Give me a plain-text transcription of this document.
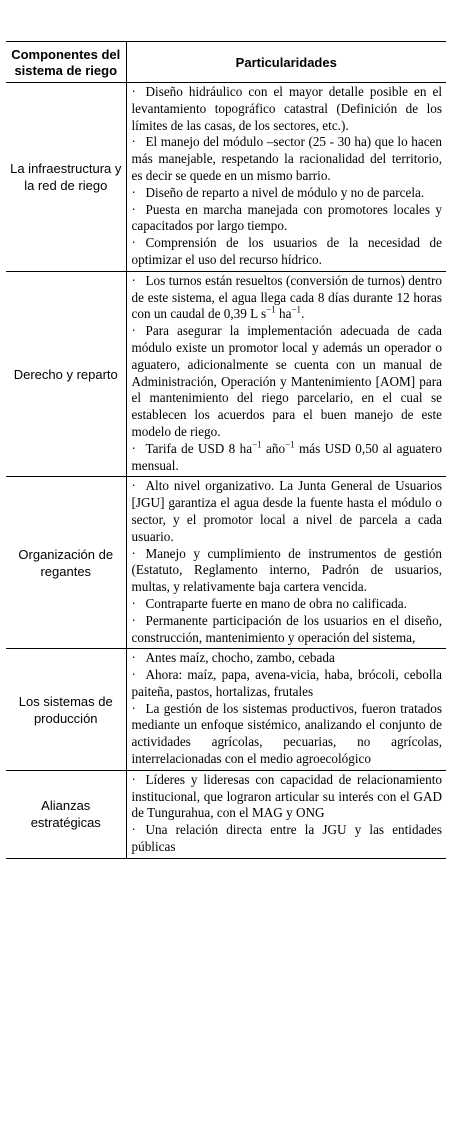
Componentes del sistema de riego	Particularidades
La infraestructura y la red de riego	· Diseño hidráulico con el mayor detalle posible en el levantamiento topográfico catastral (Definición de los límites de las casas, de los sectores, etc.).

· El manejo del módulo –sector (25 - 30 ha) que lo hacen más manejable, respetando la racionalidad del territorio, es decir se quede en un mismo barrio.

· Diseño de reparto a nivel de módulo y no de parcela.

· Puesta en marcha manejada con promotores locales y capacitados por largo tiempo.

· Comprensión de los usuarios de la necesidad de optimizar el uso del recurso hídrico.

Derecho y reparto	· Los turnos están resueltos (conversión de turnos) dentro de este sistema, el agua llega cada 8 días durante 12 horas con un caudal de 0,39 L $s^{-1}$ $ha^{-1}$.

· Para asegurar la implementación adecuada de cada módulo existe un promotor local y además un operador o aguatero, adicionalmente se cuenta con un manual de Administración, Operación y Mantenimiento [AOM] para el mantenimiento del riego parcelario, en el cual se establecen los acuerdos para el buen manejo de este modelo de riego.

· Tarifa de USD 8 $ha^{-1}$ año$^{-1}$ más USD 0,50 al aguatero mensual.

Organización de regantes	· Alto nivel organizativo. La Junta General de Usuarios [JGU] garantiza el agua desde la fuente hasta el módulo o sector, y el promotor local a nivel de parcela a cada usuario.

· Manejo y cumplimiento de instrumentos de gestión (Estatuto, Reglamento interno, Padrón de usuarios, multas, y relativamente baja cartera vencida.

· Contraparte fuerte en mano de obra no calificada.

· Permanente participación de los usuarios en el diseño, construcción, mantenimiento y operación del sistema,

Los sistemas de producción	· Antes maíz, chocho, zambo, cebada

· Ahora: maíz, papa, avena-vicia, haba, brócoli, cebolla paiteña, pastos, hortalizas, frutales

· La gestión de los sistemas productivos, fueron tratados mediante un enfoque sistémico, analizando el conjunto de actividades agrícolas, pecuarias, no agrícolas, interrelacionadas con el medio agroecológico

Alianzas estratégicas	· Líderes y lideresas con capacidad de relacionamiento institucional, que lograron articular su interés con el GAD de Tungurahua, con el MAG y ONG

· Una relación directa entre la JGU y las entidades públicas
